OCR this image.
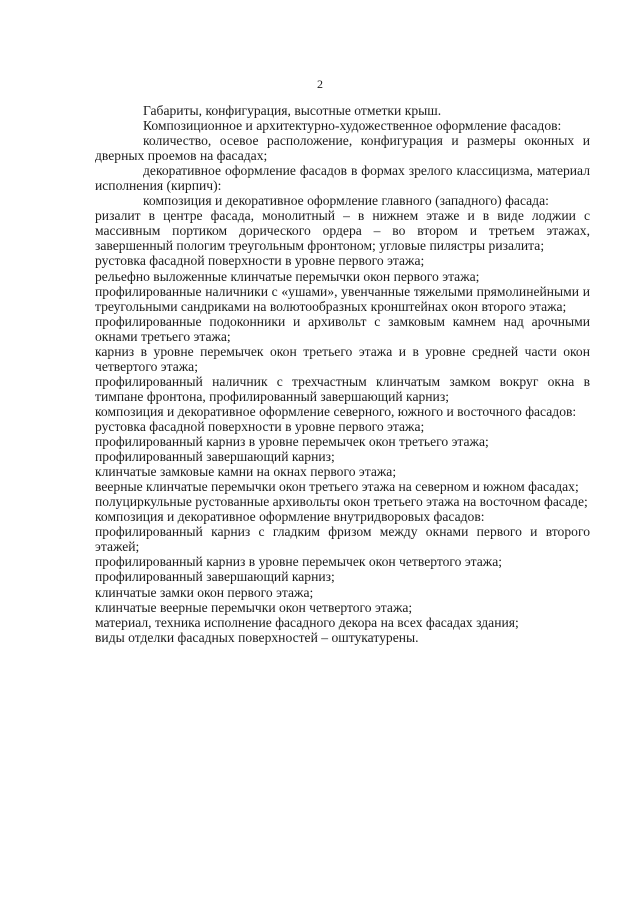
2

Габариты, конфигурация, высотные отметки крыш.

Композиционное и архитектурно-художественное оформление фасадов:

количество, осевое расположение, конфигурация и размеры оконных и дверных проемов на фасадах;

декоративное оформление фасадов в формах зрелого классицизма, материал исполнения (кирпич):

композиция и декоративное оформление главного (западного) фасада:

ризалит в центре фасада, монолитный – в нижнем этаже и в виде лоджии с массивным портиком дорического ордера – во втором и третьем этажах, завершенный пологим треугольным фронтоном; угловые пилястры ризалита;

рустовка фасадной поверхности в уровне первого этажа;

рельефно выложенные клинчатые перемычки окон первого этажа;

профилированные наличники с «ушами», увенчанные тяжелыми прямолинейными и треугольными сандриками на волютообразных кронштейнах окон второго этажа;

профилированные подоконники и архивольт с замковым камнем над арочными окнами третьего этажа;

карниз в уровне перемычек окон третьего этажа и в уровне средней части окон четвертого этажа;

профилированный наличник с трехчастным клинчатым замком вокруг окна в тимпане фронтона, профилированный завершающий карниз;

композиция и декоративное оформление северного, южного и восточного фасадов:

рустовка фасадной поверхности в уровне первого этажа;

профилированный карниз в уровне перемычек окон третьего этажа;

профилированный завершающий карниз;

клинчатые замковые камни на окнах первого этажа;

веерные клинчатые перемычки окон третьего этажа на северном и южном фасадах;

полуциркульные рустованные архивольты окон третьего этажа на восточном фасаде;

композиция и декоративное оформление внутридворовых фасадов:

профилированный карниз с гладким фризом между окнами первого и второго этажей;

профилированный карниз в уровне перемычек окон четвертого этажа;

профилированный завершающий карниз;

клинчатые замки окон первого этажа;

клинчатые веерные перемычки окон четвертого этажа;

материал, техника исполнение фасадного декора на всех фасадах здания;

виды отделки фасадных поверхностей – оштукатурены.
